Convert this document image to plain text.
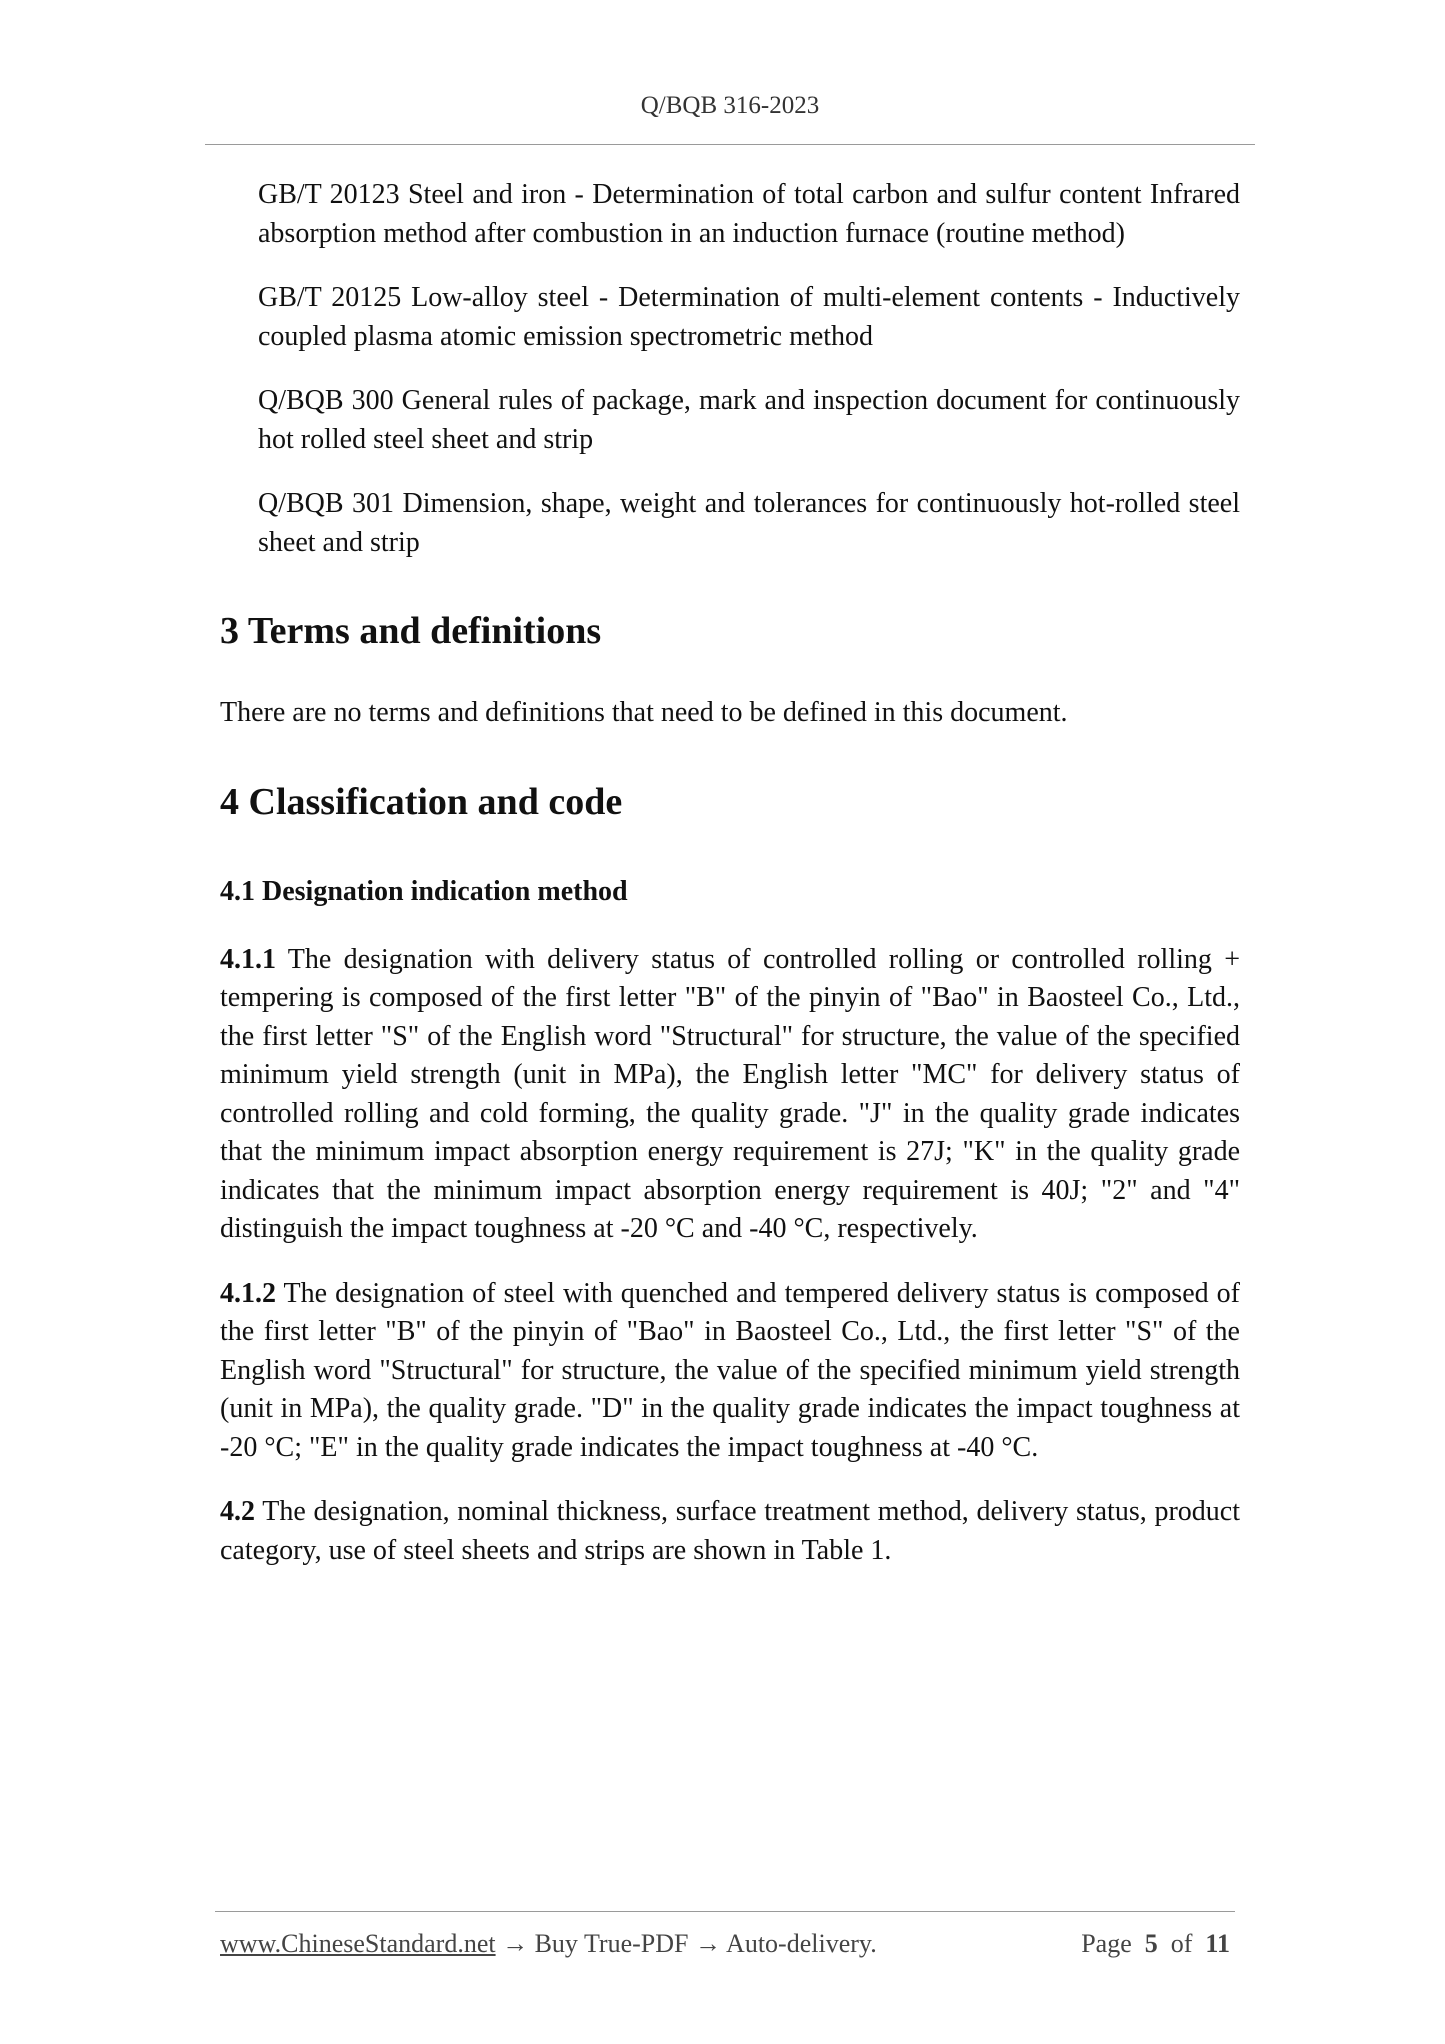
Q/BQB 316-2023

GB/T 20123 Steel and iron - Determination of total carbon and sulfur content Infrared absorption method after combustion in an induction furnace (routine method)

GB/T 20125 Low-alloy steel - Determination of multi-element contents - Inductively coupled plasma atomic emission spectrometric method

Q/BQB 300 General rules of package, mark and inspection document for continuously hot rolled steel sheet and strip

Q/BQB 301 Dimension, shape, weight and tolerances for continuously hot-rolled steel sheet and strip

3 Terms and definitions

There are no terms and definitions that need to be defined in this document.

4 Classification and code
4.1 Designation indication method

4.1.1 The designation with delivery status of controlled rolling or controlled rolling + tempering is composed of the first letter "B" of the pinyin of "Bao" in Baosteel Co., Ltd., the first letter "S" of the English word "Structural" for structure, the value of the specified minimum yield strength (unit in MPa), the English letter "MC" for delivery status of controlled rolling and cold forming, the quality grade. "J" in the quality grade indicates that the minimum impact absorption energy requirement is 27J; "K" in the quality grade indicates that the minimum impact absorption energy requirement is 40J; "2" and "4" distinguish the impact toughness at -20 °C and -40 °C, respectively.

4.1.2 The designation of steel with quenched and tempered delivery status is composed of the first letter "B" of the pinyin of "Bao" in Baosteel Co., Ltd., the first letter "S" of the English word "Structural" for structure, the value of the specified minimum yield strength (unit in MPa), the quality grade. "D" in the quality grade indicates the impact toughness at -20 °C; "E" in the quality grade indicates the impact toughness at -40 °C.

4.2 The designation, nominal thickness, surface treatment method, delivery status, product category, use of steel sheets and strips are shown in Table 1.

www.ChineseStandard.net → Buy True-PDF → Auto-delivery.	Page 5 of 11
